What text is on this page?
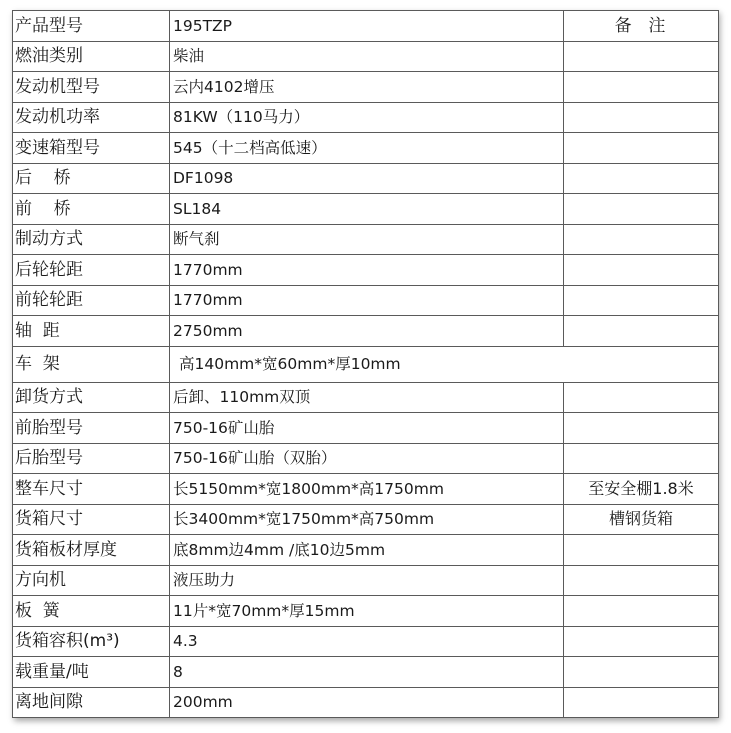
产品型号	195TZP	备  注
燃油类别	柴油	
发动机型号	云内4102增压	
发动机功率	81KW（110马力）	
变速箱型号	545（十二档高低速）	
后    桥	DF1098	
前    桥	SL184	
制动方式	断气刹	
后轮轮距	1770mm	
前轮轮距	1770mm	
轴  距	2750mm	
车  架	高140mm*宽60mm*厚10mm	
卸货方式	后卸、110mm双顶	
前胎型号	750-16矿山胎	
后胎型号	750-16矿山胎（双胎）	
整车尺寸	长5150mm*宽1800mm*高1750mm	至安全棚1.8米
货箱尺寸	长3400mm*宽1750mm*高750mm	槽钢货箱
货箱板材厚度	底8mm边4mm /底10边5mm	
方向机	液压助力	
板  簧	11片*宽70mm*厚15mm	
货箱容积(m³)	4.3	
载重量/吨	8	
离地间隙	200mm	
